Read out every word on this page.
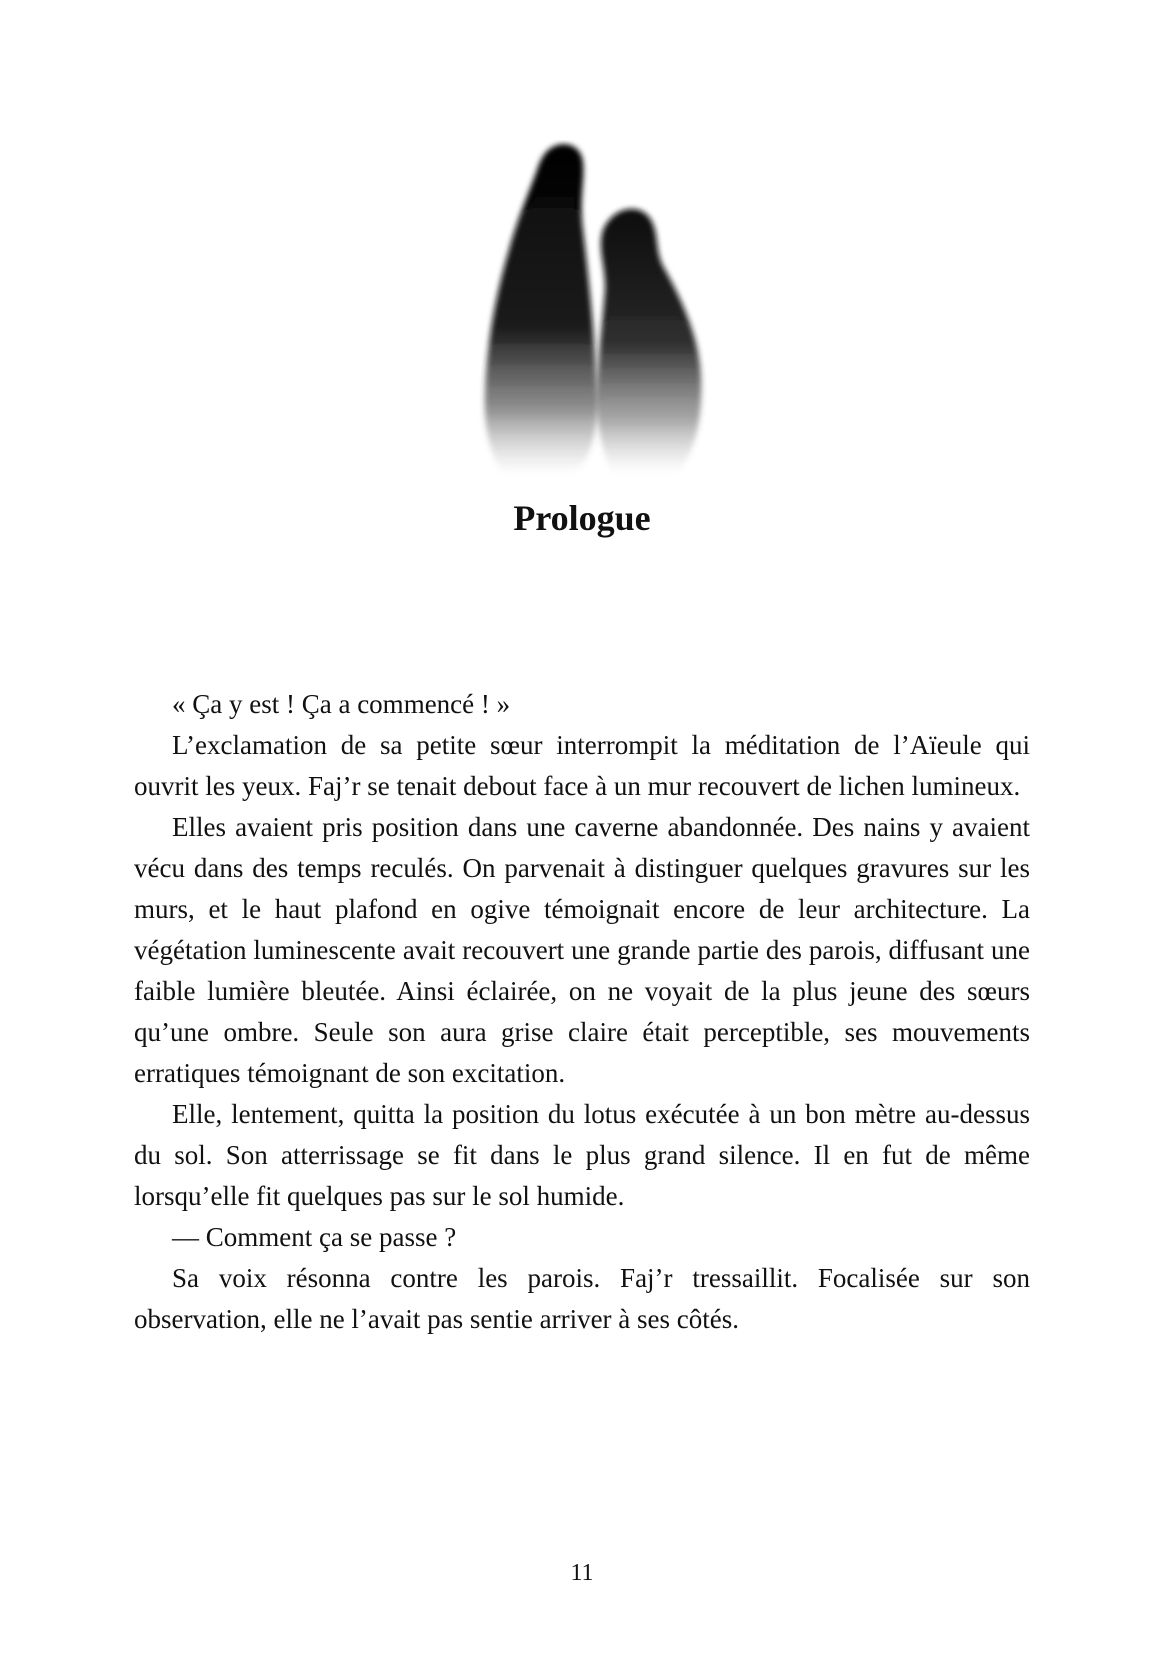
Prologue

« Ça y est ! Ça a commencé ! »

L’exclamation de sa petite sœur interrompit la méditation de l’Aïeule qui ouvrit les yeux. Faj’r se tenait debout face à un mur recouvert de lichen lumineux.

Elles avaient pris position dans une caverne abandonnée. Des nains y avaient vécu dans des temps reculés. On parvenait à distinguer quelques gravures sur les murs, et le haut plafond en ogive témoignait encore de leur architecture. La végétation luminescente avait recouvert une grande partie des parois, diffusant une faible lumière bleutée. Ainsi éclairée, on ne voyait de la plus jeune des sœurs qu’une ombre. Seule son aura grise claire était perceptible, ses mouvements erratiques témoignant de son excitation.

Elle, lentement, quitta la position du lotus exécutée à un bon mètre au-dessus du sol. Son atterrissage se fit dans le plus grand silence. Il en fut de même lorsqu’elle fit quelques pas sur le sol humide.

— Comment ça se passe ?

Sa voix résonna contre les parois. Faj’r tressaillit. Focalisée sur son observation, elle ne l’avait pas sentie arriver à ses côtés.

11
